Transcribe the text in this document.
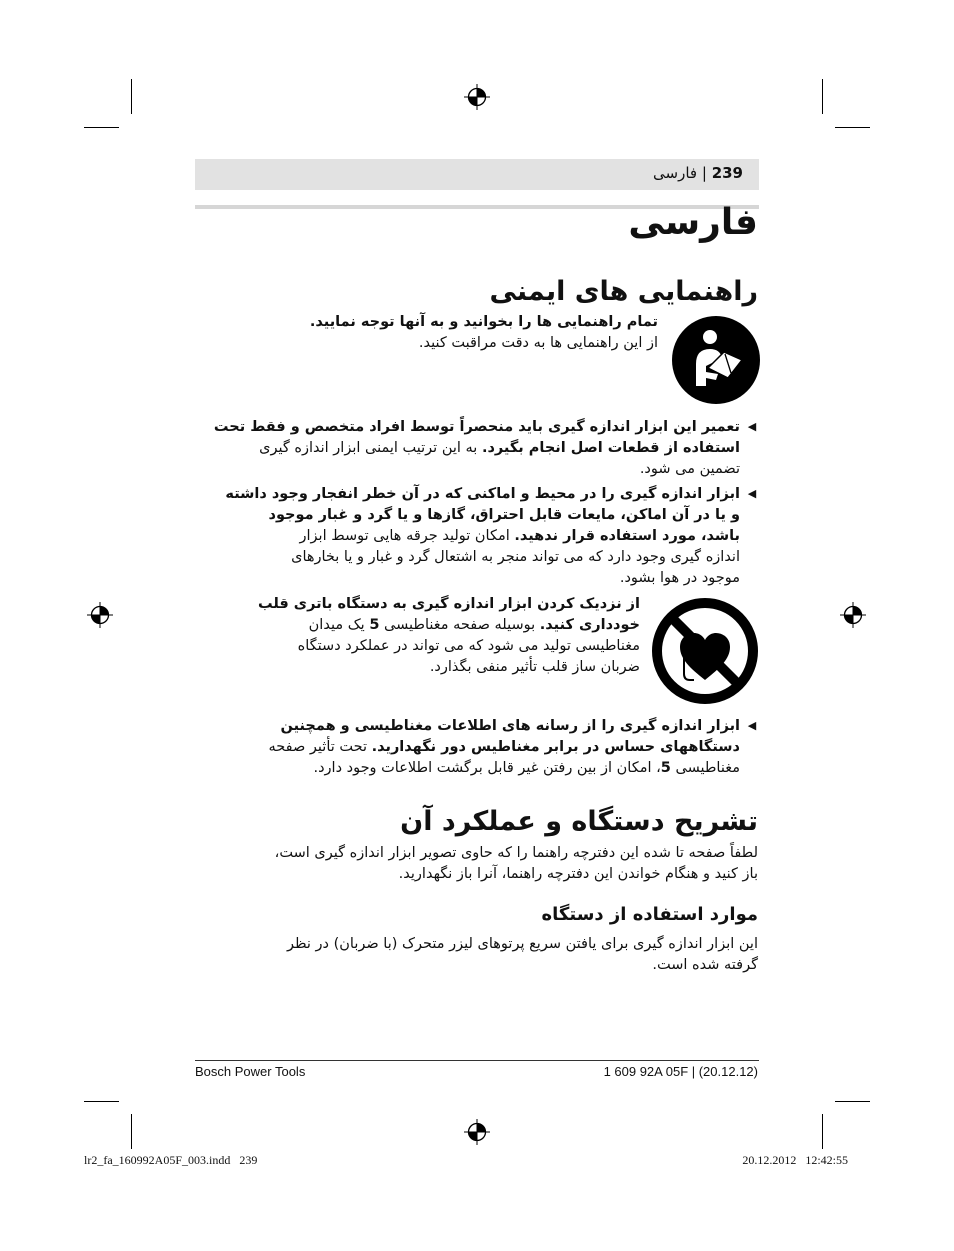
239 | فارسی
فارسی
راهنمایی های ایمنی
تمام راهنمایی ها را بخوانید و به آنها توجه نمایید.
از این راهنمایی ها به دقت مراقبت کنید.
◀
تعمیر این ابزار اندازه گیری باید منحصراً توسط افراد متخصص و فقط تحت
استفاده از قطعات اصل انجام بگیرد. به این ترتیب ایمنی ابزار اندازه گیری
تضمین می شود.
◀
ابزار اندازه گیری را در محیط و اماکنی که در آن خطر انفجار وجود داشته
و یا در آن اماکن، مایعات قابل احتراق، گازها و یا گرد و غبار موجود
باشد، مورد استفاده قرار ندهید. امکان تولید جرقه هایی توسط ابزار
اندازه گیری وجود دارد که می تواند منجر به اشتعال گرد و غبار و یا بخارهای
موجود در هوا بشود.
از نزدیک کردن ابزار اندازه گیری به دستگاه باتری قلب
خودداری کنید. بوسیله صفحه مغناطیسی 5 یک میدان
مغناطیسی تولید می شود که می تواند در عملکرد دستگاه
ضربان ساز قلب تأثیر منفی بگذارد.
◀
ابزار اندازه گیری را از رسانه های اطلاعات مغناطیسی و همچنین
دستگاههای حساس در برابر مغناطیس دور نگهدارید. تحت تأثیر صفحه
مغناطیسی 5، امکان از بین رفتن غیر قابل برگشت اطلاعات وجود دارد.
تشریح دستگاه و عملکرد آن
لطفاً صفحه تا شده این دفترچه راهنما را که حاوی تصویر ابزار اندازه گیری است،
باز کنید و هنگام خواندن این دفترچه راهنما، آنرا باز نگهدارید.
موارد استفاده از دستگاه
این ابزار اندازه گیری برای یافتن سریع پرتوهای لیزر متحرک (با ضربان) در نظر
گرفته شده است.
Bosch Power Tools	1 609 92A 05F | (20.12.12)
lr2_fa_160992A05F_003.indd   239	20.12.2012   12:42:55
